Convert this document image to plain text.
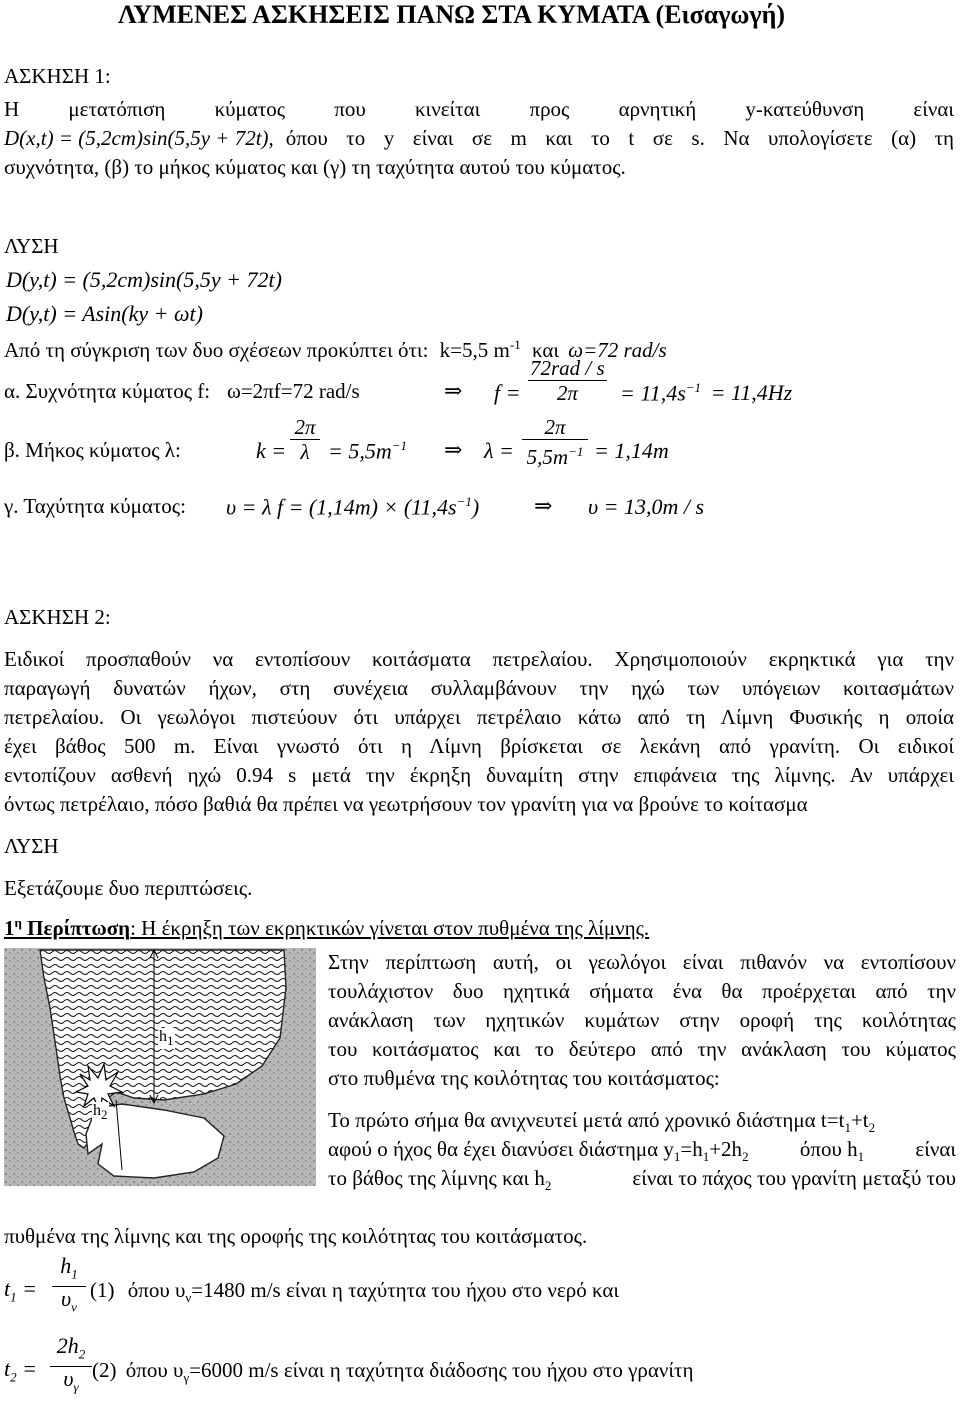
ΛΥΜΕΝΕΣ ΑΣΚΗΣΕΙΣ ΠΑΝΩ ΣΤΑ ΚΥΜΑΤΑ (Εισαγωγή)
ΑΣΚΗΣΗ 1:
Η μετατόπιση κύματος που κινείται προς αρνητική y-κατεύθυνση είναι
D(x,t) = (5,2cm)sin(5,5y + 72t), όπου το y είναι σε m και το t σε s. Να υπολογίσετε (α) τη
συχνότητα, (β) το μήκος κύματος και (γ) τη ταχύτητα αυτού του κύματος.
ΛΥΣΗ
D(y,t) = (5,2cm)sin(5,5y + 72t)
D(y,t) = Asin(ky + ωt)
Από τη σύγκριση των δυο σχέσεων προκύπτει ότι: k=5,5 $m^{-1}$ και ω=72 rad/s
α. Συχνότητα κύματος f: ω=2πf=72 rad/s	⇒ $f = \frac{\text{72rad / s}}{2\pi} = 11,4s^{-1} = 11,4Hz$
β. Μήκος κύματος λ:	$k = \frac{2\pi}{\lambda} = 5,5m^{-1}$ ⇒ $\lambda = \frac{2\pi}{5,5m^{-1}} = 1,14m$
γ. Ταχύτητα κύματος: υ = λ $f = (1,14m) \times (11,4s^{-1})$ ⇒ υ = 13,0m / s
ΑΣΚΗΣΗ 2:
Ειδικοί προσπαθούν να εντοπίσουν κοιτάσματα πετρελαίου. Χρησιμοποιούν εκρηκτικά για την
παραγωγή δυνατών ήχων, στη συνέχεια συλλαμβάνουν την ηχώ των υπόγειων κοιτασμάτων
πετρελαίου. Οι γεωλόγοι πιστεύουν ότι υπάρχει πετρέλαιο κάτω από τη Λίμνη Φυσικής η οποία
έχει βάθος 500 m. Είναι γνωστό ότι η Λίμνη βρίσκεται σε λεκάνη από γρανίτη. Οι ειδικοί
εντοπίζουν ασθενή ηχώ 0.94 s μετά την έκρηξη δυναμίτη στην επιφάνεια της λίμνης. Αν υπάρχει
όντως πετρέλαιο, πόσο βαθιά θα πρέπει να γεωτρήσουν τον γρανίτη για να βρούνε το κοίτασμα
ΛΥΣΗ
Εξετάζουμε δυο περιπτώσεις.
$1^\eta$ Περίπτωση: Η έκρηξη των εκρηκτικών γίνεται στον πυθμένα της λίμνης.
$h_1$
$h_2$
Στην περίπτωση αυτή, οι γεωλόγοι είναι πιθανόν να εντοπίσουν
τουλάχιστον δυο ηχητικά σήματα ένα θα προέρχεται από την
ανάκλαση των ηχητικών κυμάτων στην οροφή της κοιλότητας
του κοιτάσματος και το δεύτερο από την ανάκλαση του κύματος
στο πυθμένα της κοιλότητας του κοιτάσματος:
Το πρώτο σήμα θα ανιχνευτεί μετά από χρονικό διάστημα $t=t_1+t_2$
αφού ο ήχος θα έχει διανύσει διάστημα $y_1=h_1+2h_2$ όπου $h_1$ είναι
το βάθος της λίμνης και $h_2$	είναι το πάχος του γρανίτη μεταξύ του
πυθμένα της λίμνης και της οροφής της κοιλότητας του κοιτάσματος.
$t_1 = \frac{h_1}{\upsilon_\nu} (1)$ όπου $\upsilon_\nu=1480$ m/s είναι η ταχύτητα του ήχου στο νερό και
$t_2 = \frac{2h_2}{\upsilon_\gamma} (2)$ όπου $\upsilon_\gamma=6000$ m/s είναι η ταχύτητα διάδοσης του ήχου στο γρανίτη
